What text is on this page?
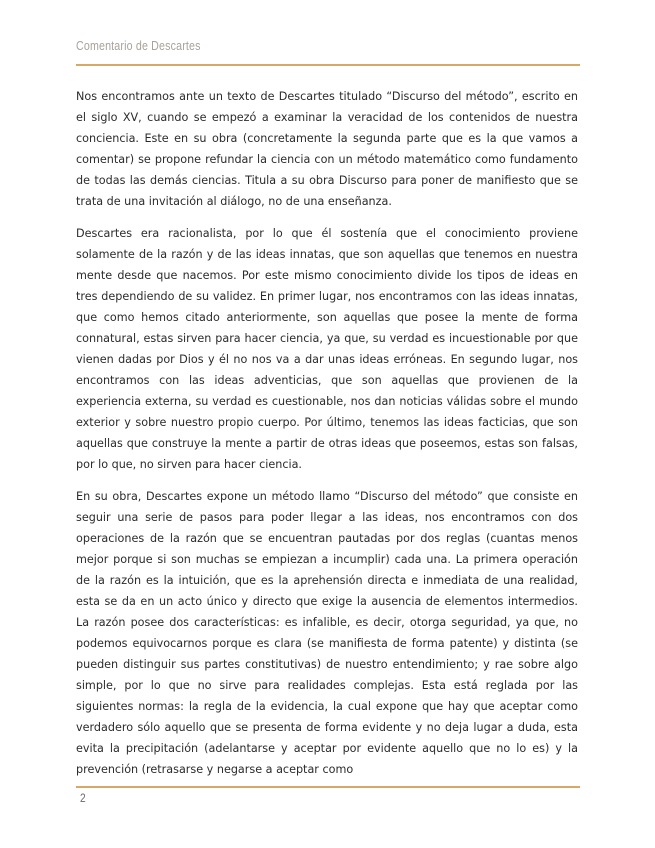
Comentario de Descartes

Nos encontramos ante un texto de Descartes titulado “Discurso del método”, escrito en el siglo XV, cuando se empezó a examinar la veracidad de los contenidos de nuestra conciencia. Este en su obra (concretamente la segunda parte que es la que vamos a comentar) se propone refundar la ciencia con un método matemático como fundamento de todas las demás ciencias. Titula a su obra Discurso para poner de manifiesto que se trata de una invitación al diálogo, no de una enseñanza.

Descartes era racionalista, por lo que él sostenía que el conocimiento proviene solamente de la razón y de las ideas innatas, que son aquellas que tenemos en nuestra mente desde que nacemos. Por este mismo conocimiento divide los tipos de ideas en tres dependiendo de su validez. En primer lugar, nos encontramos con las ideas innatas, que como hemos citado anteriormente, son aquellas que posee la mente de forma connatural, estas sirven para hacer ciencia, ya que, su verdad es incuestionable por que vienen dadas por Dios y él no nos va a dar unas ideas erróneas. En segundo lugar, nos encontramos con las ideas adventicias, que son aquellas que provienen de la experiencia externa, su verdad es cuestionable, nos dan noticias válidas sobre el mundo exterior y sobre nuestro propio cuerpo. Por último, tenemos las ideas facticias, que son aquellas que construye la mente a partir de otras ideas que poseemos, estas son falsas, por lo que, no sirven para hacer ciencia.

En su obra, Descartes expone un método llamo “Discurso del método” que consiste en seguir una serie de pasos para poder llegar a las ideas, nos encontramos con dos operaciones de la razón que se encuentran pautadas por dos reglas (cuantas menos mejor porque si son muchas se empiezan a incumplir) cada una. La primera operación de la razón es la intuición, que es la aprehensión directa e inmediata de una realidad, esta se da en un acto único y directo que exige la ausencia de elementos intermedios. La razón posee dos características: es infalible, es decir, otorga seguridad, ya que, no podemos equivocarnos porque es clara (se manifiesta de forma patente) y distinta (se pueden distinguir sus partes constitutivas) de nuestro entendimiento; y rae sobre algo simple, por lo que no sirve para realidades complejas. Esta está reglada por las siguientes normas: la regla de la evidencia, la cual expone que hay que aceptar como verdadero sólo aquello que se presenta de forma evidente y no deja lugar a duda, esta evita la precipitación (adelantarse y aceptar por evidente aquello que no lo es) y la prevención (retrasarse y negarse a aceptar como

2
